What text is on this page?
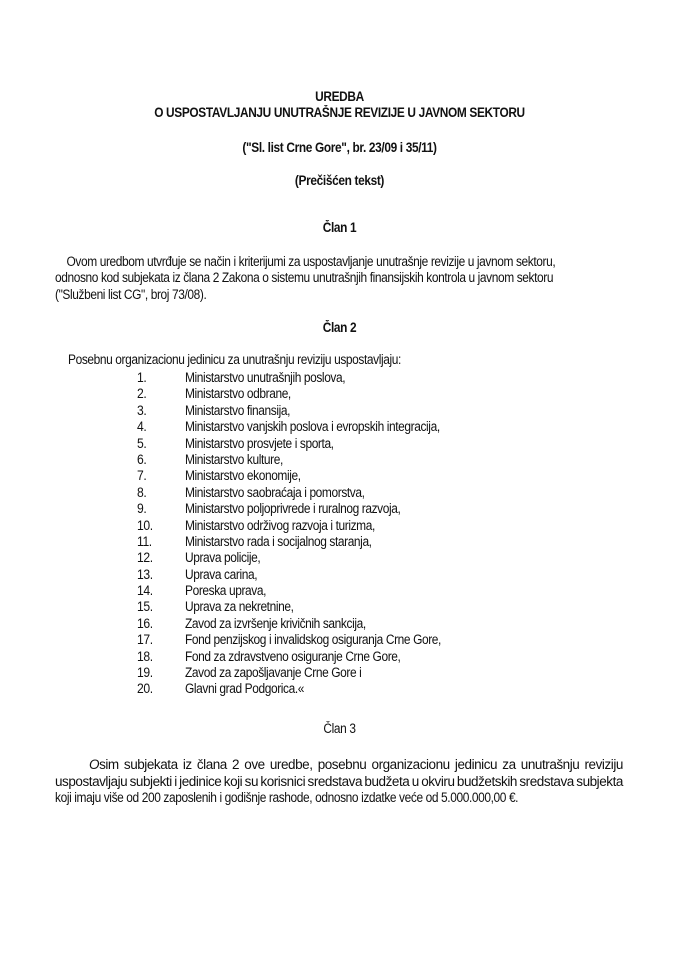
UREDBA
O USPOSTAVLJANJU UNUTRAŠNJE REVIZIJE U JAVNOM SEKTORU
("Sl. list Crne Gore", br. 23/09 i 35/11)
(Prečišćen tekst)
Član 1
Ovom uredbom utvrđuje se način i kriterijumi za uspostavljanje unutrašnje revizije u javnom sektoru,
odnosno kod subjekata iz člana 2 Zakona o sistemu unutrašnjih finansijskih kontrola u javnom sektoru
("Službeni list CG", broj 73/08).
Član 2
Posebnu organizacionu jedinicu za unutrašnju reviziju uspostavljaju:
1.	Ministarstvo unutrašnjih poslova,
2.	Ministarstvo odbrane,
3.	Ministarstvo finansija,
4.	Ministarstvo vanjskih poslova i evropskih integracija,
5.	Ministarstvo prosvjete i sporta,
6.	Ministarstvo kulture,
7.	Ministarstvo ekonomije,
8.	Ministarstvo saobraćaja i pomorstva,
9.	Ministarstvo poljoprivrede i ruralnog razvoja,
10. Ministarstvo održivog razvoja i turizma,
11. Ministarstvo rada i socijalnog staranja,
12. Uprava policije,
13. Uprava carina,
14. Poreska uprava,
15. Uprava za nekretnine,
16. Zavod za izvršenje krivičnih sankcija,
17. Fond penzijskog i invalidskog osiguranja Crne Gore,
18. Fond za zdravstveno osiguranje Crne Gore,
19. Zavod za zapošljavanje Crne Gore i
20. Glavni grad Podgorica.«
Član 3
Osim subjekata iz člana 2 ove uredbe, posebnu organizacionu jedinicu za unutrašnju reviziju
uspostavljaju subjekti i jedinice koji su korisnici sredstava budžeta u okviru budžetskih sredstava subjekta
koji imaju više od 200 zaposlenih i godišnje rashode, odnosno izdatke veće od 5.000.000,00 €.
